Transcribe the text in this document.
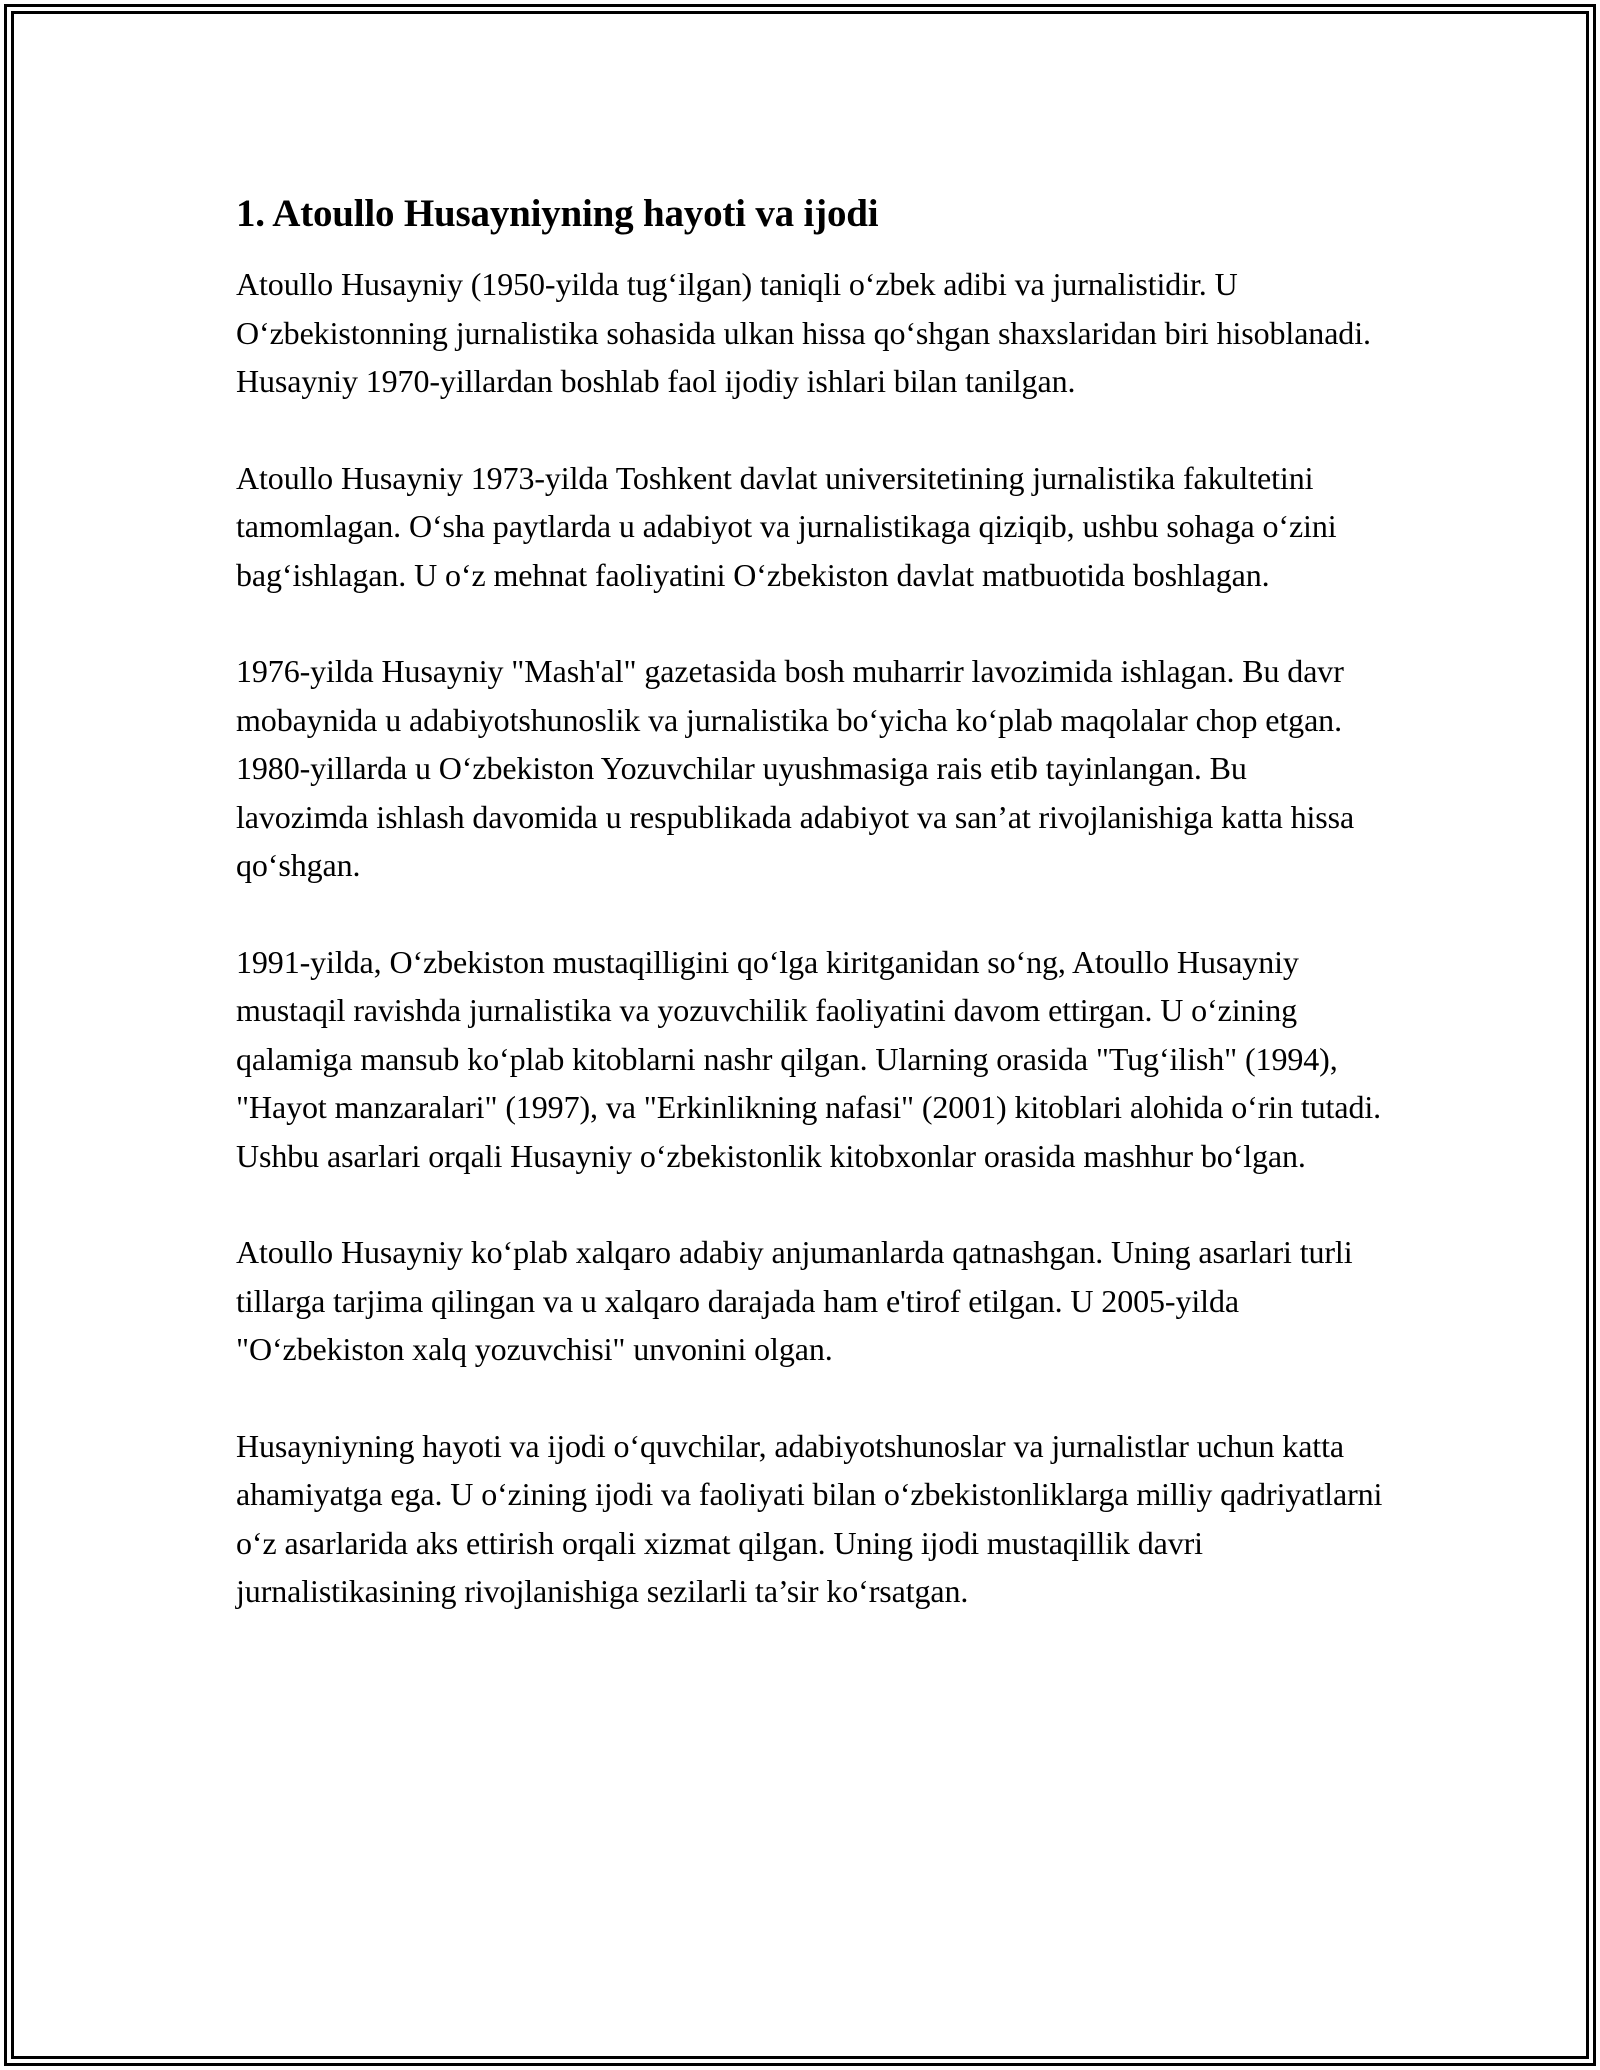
1. Atoullo Husayniyning hayoti va ijodi

Atoullo Husayniy (1950-yilda tug‘ilgan) taniqli o‘zbek adibi va jurnalistidir. U O‘zbekistonning jurnalistika sohasida ulkan hissa qo‘shgan shaxslaridan biri hisoblanadi. Husayniy 1970-yillardan boshlab faol ijodiy ishlari bilan tanilgan.

Atoullo Husayniy 1973-yilda Toshkent davlat universitetining jurnalistika fakultetini tamomlagan. O‘sha paytlarda u adabiyot va jurnalistikaga qiziqib, ushbu sohaga o‘zini bag‘ishlagan. U o‘z mehnat faoliyatini O‘zbekiston davlat matbuotida boshlagan.

1976-yilda Husayniy "Mash'al" gazetasida bosh muharrir lavozimida ishlagan. Bu davr mobaynida u adabiyotshunoslik va jurnalistika bo‘yicha ko‘plab maqolalar chop etgan. 1980-yillarda u O‘zbekiston Yozuvchilar uyushmasiga rais etib tayinlangan. Bu lavozimda ishlash davomida u respublikada adabiyot va san’at rivojlanishiga katta hissa qo‘shgan.

1991-yilda, O‘zbekiston mustaqilligini qo‘lga kiritganidan so‘ng, Atoullo Husayniy mustaqil ravishda jurnalistika va yozuvchilik faoliyatini davom ettirgan. U o‘zining qalamiga mansub ko‘plab kitoblarni nashr qilgan. Ularning orasida "Tug‘ilish" (1994), "Hayot manzaralari" (1997), va "Erkinlikning nafasi" (2001) kitoblari alohida o‘rin tutadi. Ushbu asarlari orqali Husayniy o‘zbekistonlik kitobxonlar orasida mashhur bo‘lgan.

Atoullo Husayniy ko‘plab xalqaro adabiy anjumanlarda qatnashgan. Uning asarlari turli tillarga tarjima qilingan va u xalqaro darajada ham e'tirof etilgan. U 2005-yilda "O‘zbekiston xalq yozuvchisi" unvonini olgan.

Husayniyning hayoti va ijodi o‘quvchilar, adabiyotshunoslar va jurnalistlar uchun katta ahamiyatga ega. U o‘zining ijodi va faoliyati bilan o‘zbekistonliklarga milliy qadriyatlarni o‘z asarlarida aks ettirish orqali xizmat qilgan. Uning ijodi mustaqillik davri jurnalistikasining rivojlanishiga sezilarli ta’sir ko‘rsatgan.
